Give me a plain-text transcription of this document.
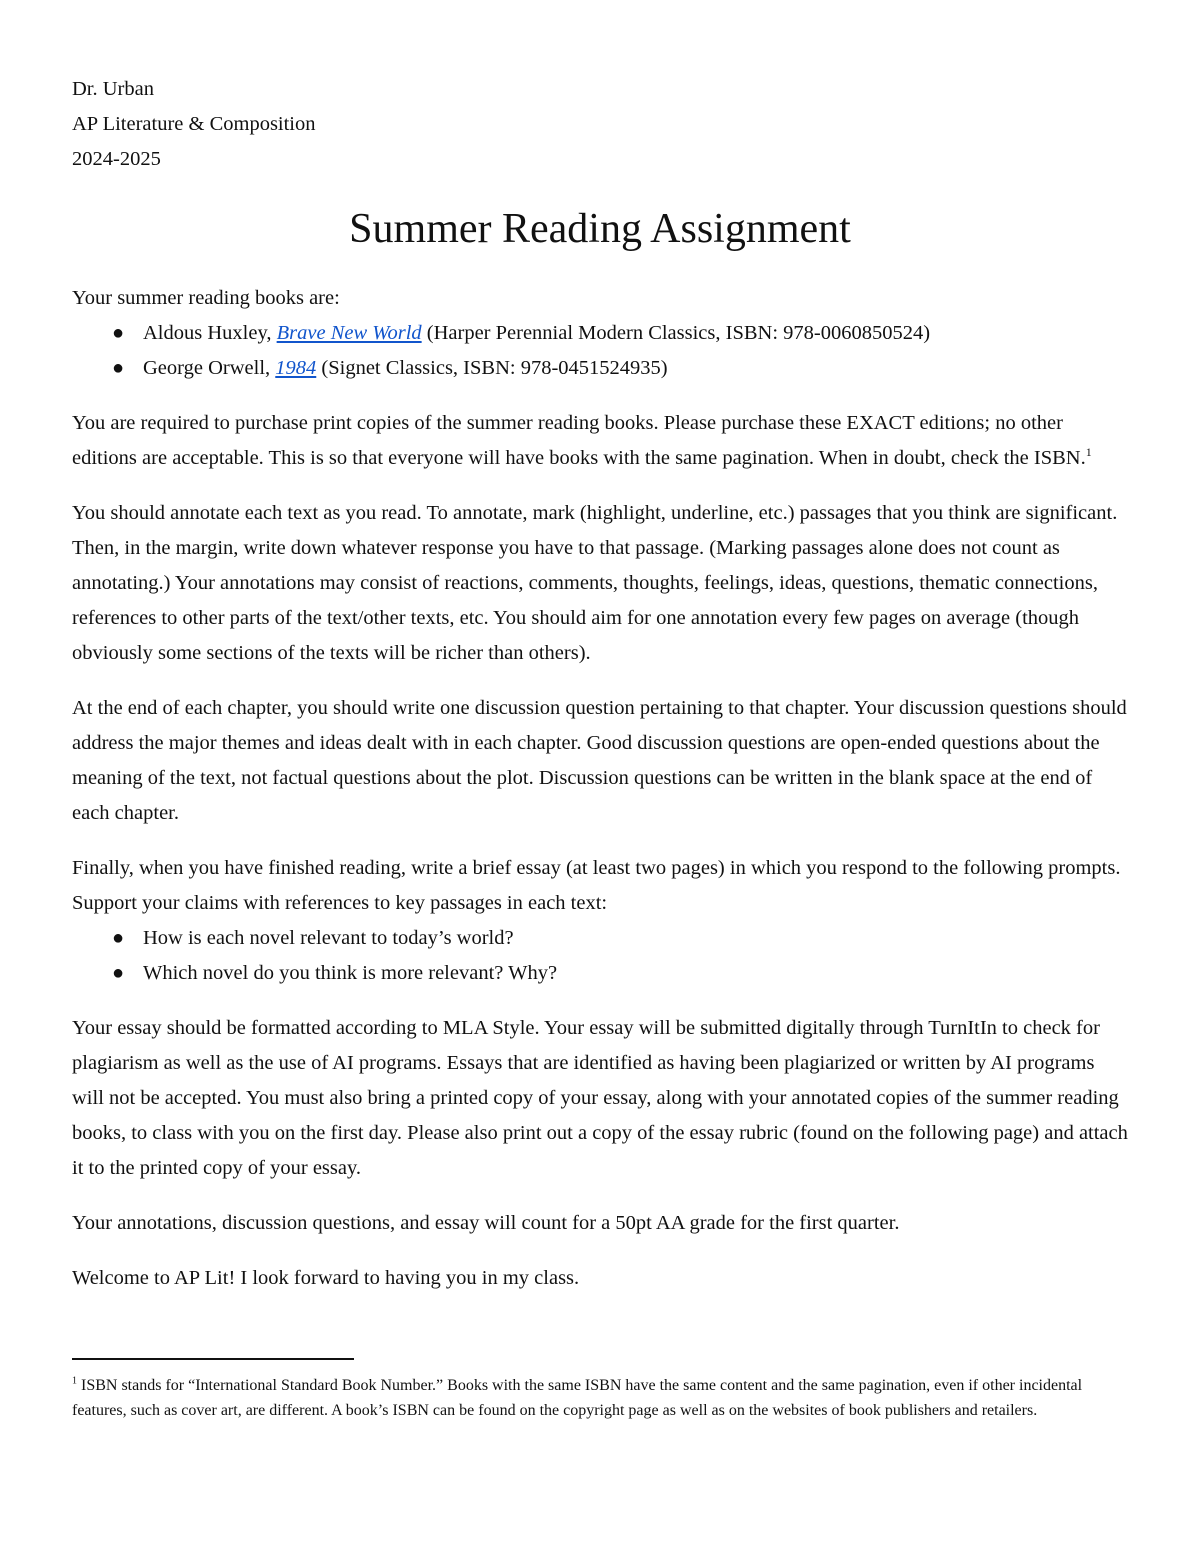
Dr. Urban
AP Literature & Composition
2024-2025
Summer Reading Assignment

Your summer reading books are:

● Aldous Huxley, Brave New World (Harper Perennial Modern Classics, ISBN: 978-0060850524)
● George Orwell, 1984 (Signet Classics, ISBN: 978-0451524935)

You are required to purchase print copies of the summer reading books. Please purchase these EXACT editions; no other editions are acceptable. This is so that everyone will have books with the same pagination. When in doubt, check the ISBN.$^1$

You should annotate each text as you read. To annotate, mark (highlight, underline, etc.) passages that you think are significant. Then, in the margin, write down whatever response you have to that passage. (Marking passages alone does not count as annotating.) Your annotations may consist of reactions, comments, thoughts, feelings, ideas, questions, thematic connections, references to other parts of the text/other texts, etc. You should aim for one annotation every few pages on average (though obviously some sections of the texts will be richer than others).

At the end of each chapter, you should write one discussion question pertaining to that chapter. Your discussion questions should address the major themes and ideas dealt with in each chapter. Good discussion questions are open-ended questions about the meaning of the text, not factual questions about the plot. Discussion questions can be written in the blank space at the end of each chapter.

Finally, when you have finished reading, write a brief essay (at least two pages) in which you respond to the following prompts. Support your claims with references to key passages in each text:

● How is each novel relevant to today’s world?
● Which novel do you think is more relevant? Why?

Your essay should be formatted according to MLA Style. Your essay will be submitted digitally through TurnItIn to check for plagiarism as well as the use of AI programs. Essays that are identified as having been plagiarized or written by AI programs will not be accepted. You must also bring a printed copy of your essay, along with your annotated copies of the summer reading books, to class with you on the first day. Please also print out a copy of the essay rubric (found on the following page) and attach it to the printed copy of your essay.

Your annotations, discussion questions, and essay will count for a 50pt AA grade for the first quarter.

Welcome to AP Lit! I look forward to having you in my class.

$^1$ ISBN stands for “International Standard Book Number.” Books with the same ISBN have the same content and the same pagination, even if other incidental features, such as cover art, are different. A book’s ISBN can be found on the copyright page as well as on the websites of book publishers and retailers.
